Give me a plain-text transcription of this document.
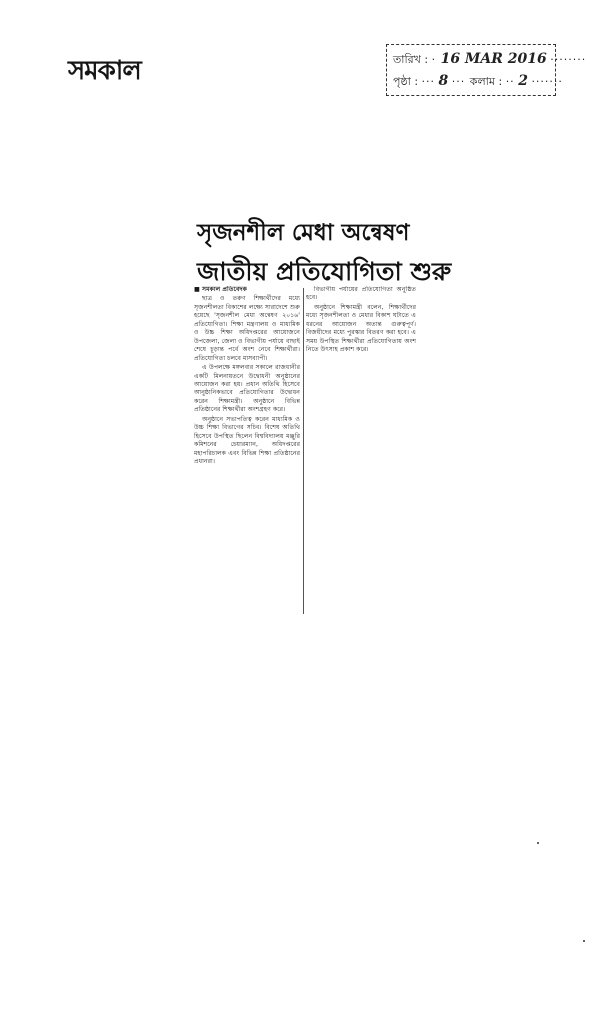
সমকাল	তারিখ : · 16 MAR 2016 ········
পৃষ্ঠা : ··· 8 ··· কলাম : ·· 2 ·······
সৃজনশীল মেধা অন্বেষণ
জাতীয় প্রতিযোগিতা শুরু

■ সমকাল প্রতিবেদক

ছাত্র ও তরুণ শিক্ষার্থীদের মধ্যে সৃজনশীলতা বিকাশের লক্ষ্যে সারাদেশে শুরু হয়েছে 'সৃজনশীল মেধা অন্বেষণ ২০১৬' প্রতিযোগিতা। শিক্ষা মন্ত্রণালয় ও মাধ্যমিক ও উচ্চ শিক্ষা অধিদপ্তরের আয়োজনে উপজেলা, জেলা ও বিভাগীয় পর্যায়ে বাছাই শেষে চূড়ান্ত পর্বে অংশ নেবে শিক্ষার্থীরা। প্রতিযোগিতা চলবে মাসব্যাপী।

এ উপলক্ষে মঙ্গলবার সকালে রাজধানীর একটি মিলনায়তনে উদ্বোধনী অনুষ্ঠানের আয়োজন করা হয়। প্রধান অতিথি হিসেবে আনুষ্ঠানিকভাবে প্রতিযোগিতার উদ্বোধন করেন শিক্ষামন্ত্রী। অনুষ্ঠানে বিভিন্ন প্রতিষ্ঠানের শিক্ষার্থীরা অংশগ্রহণ করে।

অনুষ্ঠানে সভাপতিত্ব করেন মাধ্যমিক ও উচ্চ শিক্ষা বিভাগের সচিব। বিশেষ অতিথি হিসেবে উপস্থিত ছিলেন বিশ্ববিদ্যালয় মঞ্জুরি কমিশনের চেয়ারম্যান, অধিদপ্তরের মহাপরিচালক এবং বিভিন্ন শিক্ষা প্রতিষ্ঠানের প্রধানরা।

বিভাগীয় পর্যায়ের প্রতিযোগিতা অনুষ্ঠিত হবে।

অনুষ্ঠানে শিক্ষামন্ত্রী বলেন, শিক্ষার্থীদের মধ্যে সৃজনশীলতা ও মেধার বিকাশ ঘটাতে এ ধরনের আয়োজন অত্যন্ত গুরুত্বপূর্ণ। বিজয়ীদের মধ্যে পুরস্কার বিতরণ করা হবে। এ সময় উপস্থিত শিক্ষার্থীরা প্রতিযোগিতায় অংশ নিতে উৎসাহ প্রকাশ করে।
